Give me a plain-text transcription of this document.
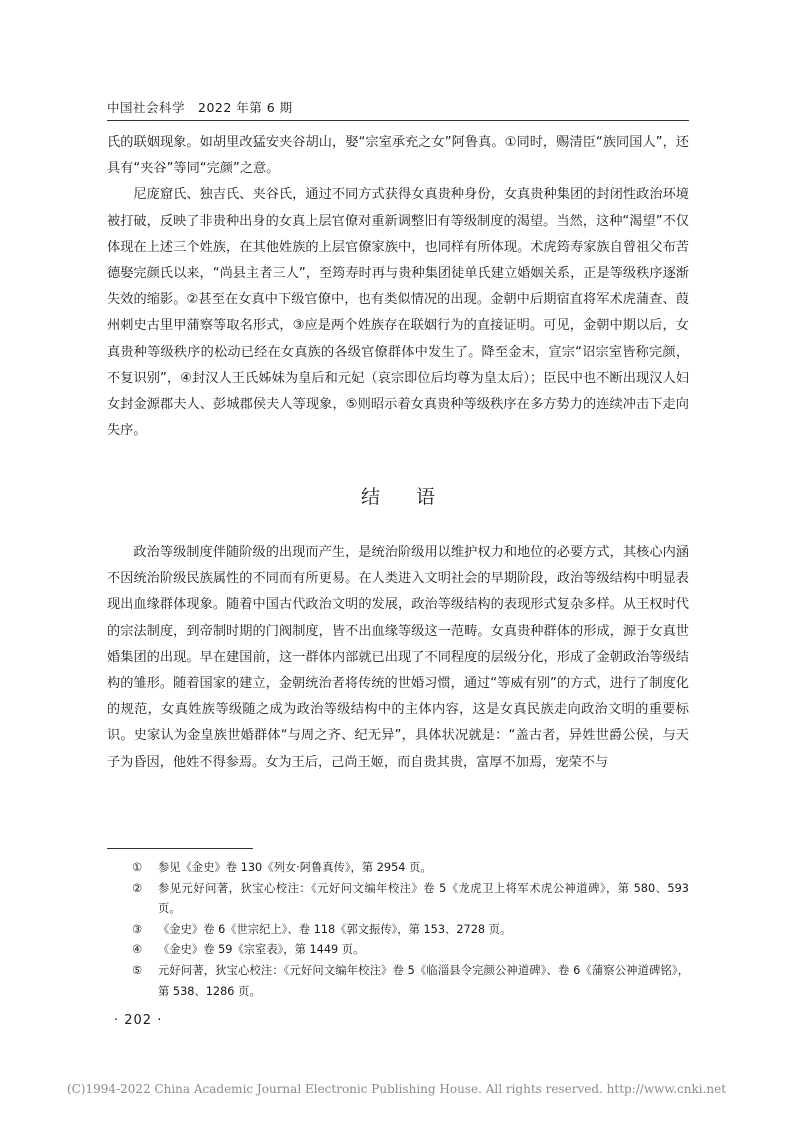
中国社会科学　2022 年第 6 期

氏的联姻现象。如胡里改猛安夹谷胡山，娶“宗室承充之女”阿鲁真。①同时，赐清臣“族同国人”，还具有“夹谷”等同“完颜”之意。

尼庞窟氏、独吉氏、夹谷氏，通过不同方式获得女真贵种身份，女真贵种集团的封闭性政治环境被打破，反映了非贵种出身的女真上层官僚对重新调整旧有等级制度的渴望。当然，这种“渴望”不仅体现在上述三个姓族，在其他姓族的上层官僚家族中，也同样有所体现。术虎筠寿家族自曾祖父布苦德娶完颜氏以来，“尚县主者三人”，至筠寿时再与贵种集团徒单氏建立婚姻关系，正是等级秩序逐渐失效的缩影。②甚至在女真中下级官僚中，也有类似情况的出现。金朝中后期宿直将军术虎蒲查、葭州刺史古里甲蒲察等取名形式，③应是两个姓族存在联姻行为的直接证明。可见，金朝中期以后，女真贵种等级秩序的松动已经在女真族的各级官僚群体中发生了。降至金末，宣宗“诏宗室皆称完颜，不复识别”，④封汉人王氏姊妹为皇后和元妃（哀宗即位后均尊为皇太后）；臣民中也不断出现汉人妇女封金源郡夫人、彭城郡侯夫人等现象，⑤则昭示着女真贵种等级秩序在多方势力的连续冲击下走向失序。

结语

政治等级制度伴随阶级的出现而产生，是统治阶级用以维护权力和地位的必要方式，其核心内涵不因统治阶级民族属性的不同而有所更易。在人类进入文明社会的早期阶段，政治等级结构中明显表现出血缘群体现象。随着中国古代政治文明的发展，政治等级结构的表现形式复杂多样。从王权时代的宗法制度，到帝制时期的门阀制度，皆不出血缘等级这一范畴。女真贵种群体的形成，源于女真世婚集团的出现。早在建国前，这一群体内部就已出现了不同程度的层级分化，形成了金朝政治等级结构的雏形。随着国家的建立，金朝统治者将传统的世婚习惯，通过“等威有别”的方式，进行了制度化的规范，女真姓族等级随之成为政治等级结构中的主体内容，这是女真民族走向政治文明的重要标识。史家认为金皇族世婚群体“与周之齐、纪无异”，具体状况就是：“盖古者，异姓世爵公侯，与天子为昏因，他姓不得参焉。女为王后，己尚王姬，而自贵其贵，富厚不加焉，宠荣不与

① 参见《金史》卷 130《列女·阿鲁真传》，第 2954 页。
② 参见元好问著，狄宝心校注：《元好问文编年校注》卷 5《龙虎卫上将军术虎公神道碑》，第 580、593 页。
③ 《金史》卷 6《世宗纪上》、卷 118《郭文振传》，第 153、2728 页。
④ 《金史》卷 59《宗室表》，第 1449 页。
⑤ 元好问著，狄宝心校注：《元好问文编年校注》卷 5《临淄县令完颜公神道碑》、卷 6《蒲察公神道碑铭》，第 538、1286 页。
· 202 ·
(C)1994-2022 China Academic Journal Electronic Publishing House. All rights reserved. http://www.cnki.net
